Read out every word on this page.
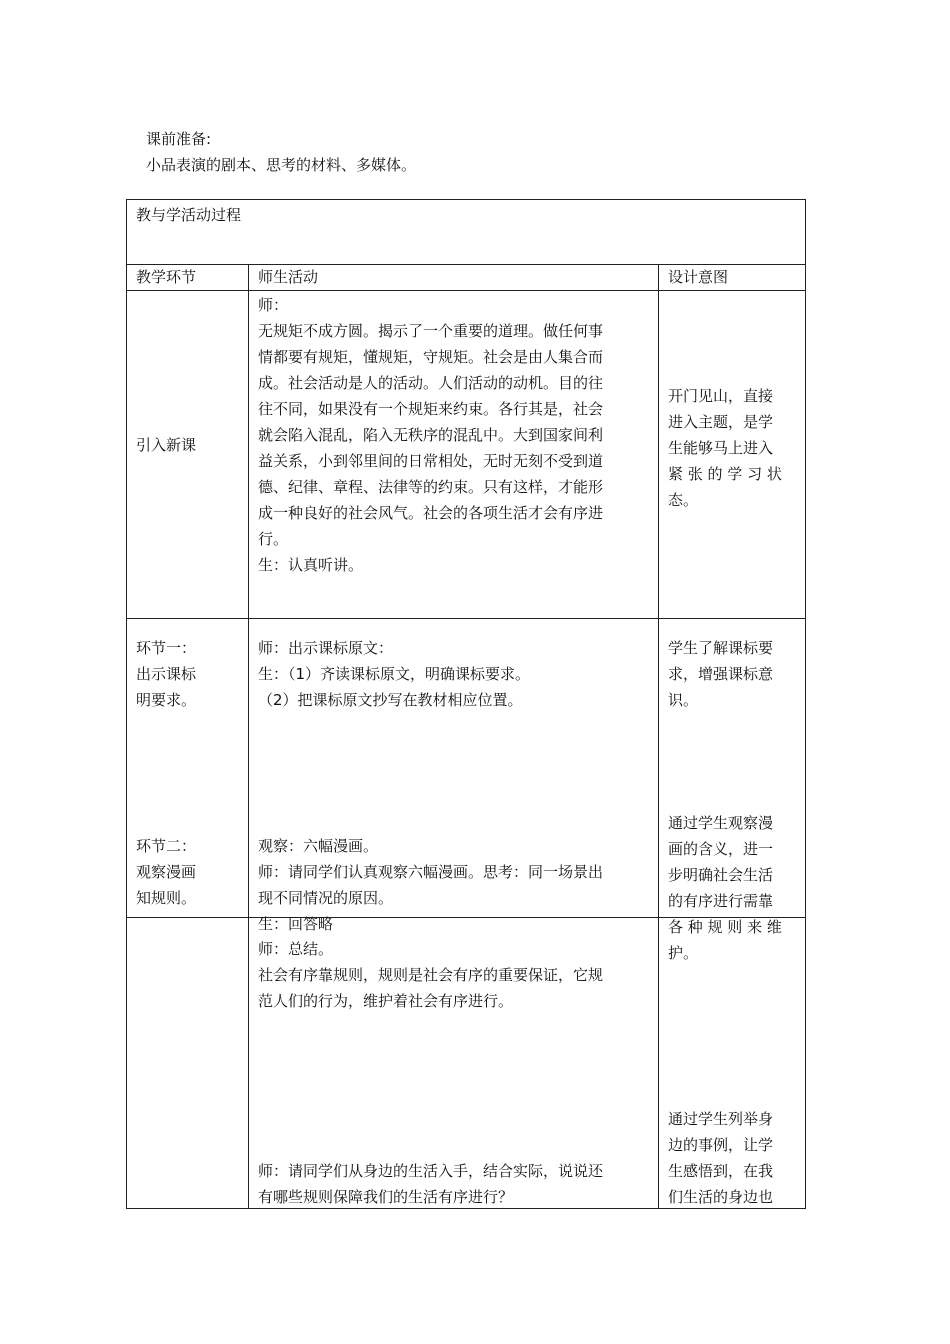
课前准备:
小品表演的剧本、思考的材料、多媒体。
教与学活动过程
教学环节	师生活动	设计意图
引入新课
师：
无规矩不成方圆。揭示了一个重要的道理。做任何事
情都要有规矩，懂规矩，守规矩。社会是由人集合而
成。社会活动是人的活动。人们活动的动机。目的往
往不同，如果没有一个规矩来约束。各行其是，社会
就会陷入混乱，陷入无秩序的混乱中。大到国家间利
益关系，小到邻里间的日常相处，无时无刻不受到道
德、纪律、章程、法律等的约束。只有这样，才能形
成一种良好的社会风气。社会的各项生活才会有序进
行。
生：认真听讲。
开门见山，直接
进入主题，是学
生能够马上进入
紧 张 的 学 习 状
态。
环节一：
出示课标
明要求。
师：出示课标原文：
生：（1）齐读课标原文，明确课标要求。
（2）把课标原文抄写在教材相应位置。
学生了解课标要
求，增强课标意
识。
环节二：
观察漫画
知规则。
观察：六幅漫画。
师：请同学们认真观察六幅漫画。思考：同一场景出
现不同情况的原因。
生：回答略
通过学生观察漫
画的含义，进一
步明确社会生活
的有序进行需靠
各 种 规 则 来 维
护。
师：总结。
社会有序靠规则，规则是社会有序的重要保证，它规
范人们的行为，维护着社会有序进行。
师：请同学们从身边的生活入手，结合实际，说说还
有哪些规则保障我们的生活有序进行？
通过学生列举身
边的事例，让学
生感悟到，在我
们生活的身边也
